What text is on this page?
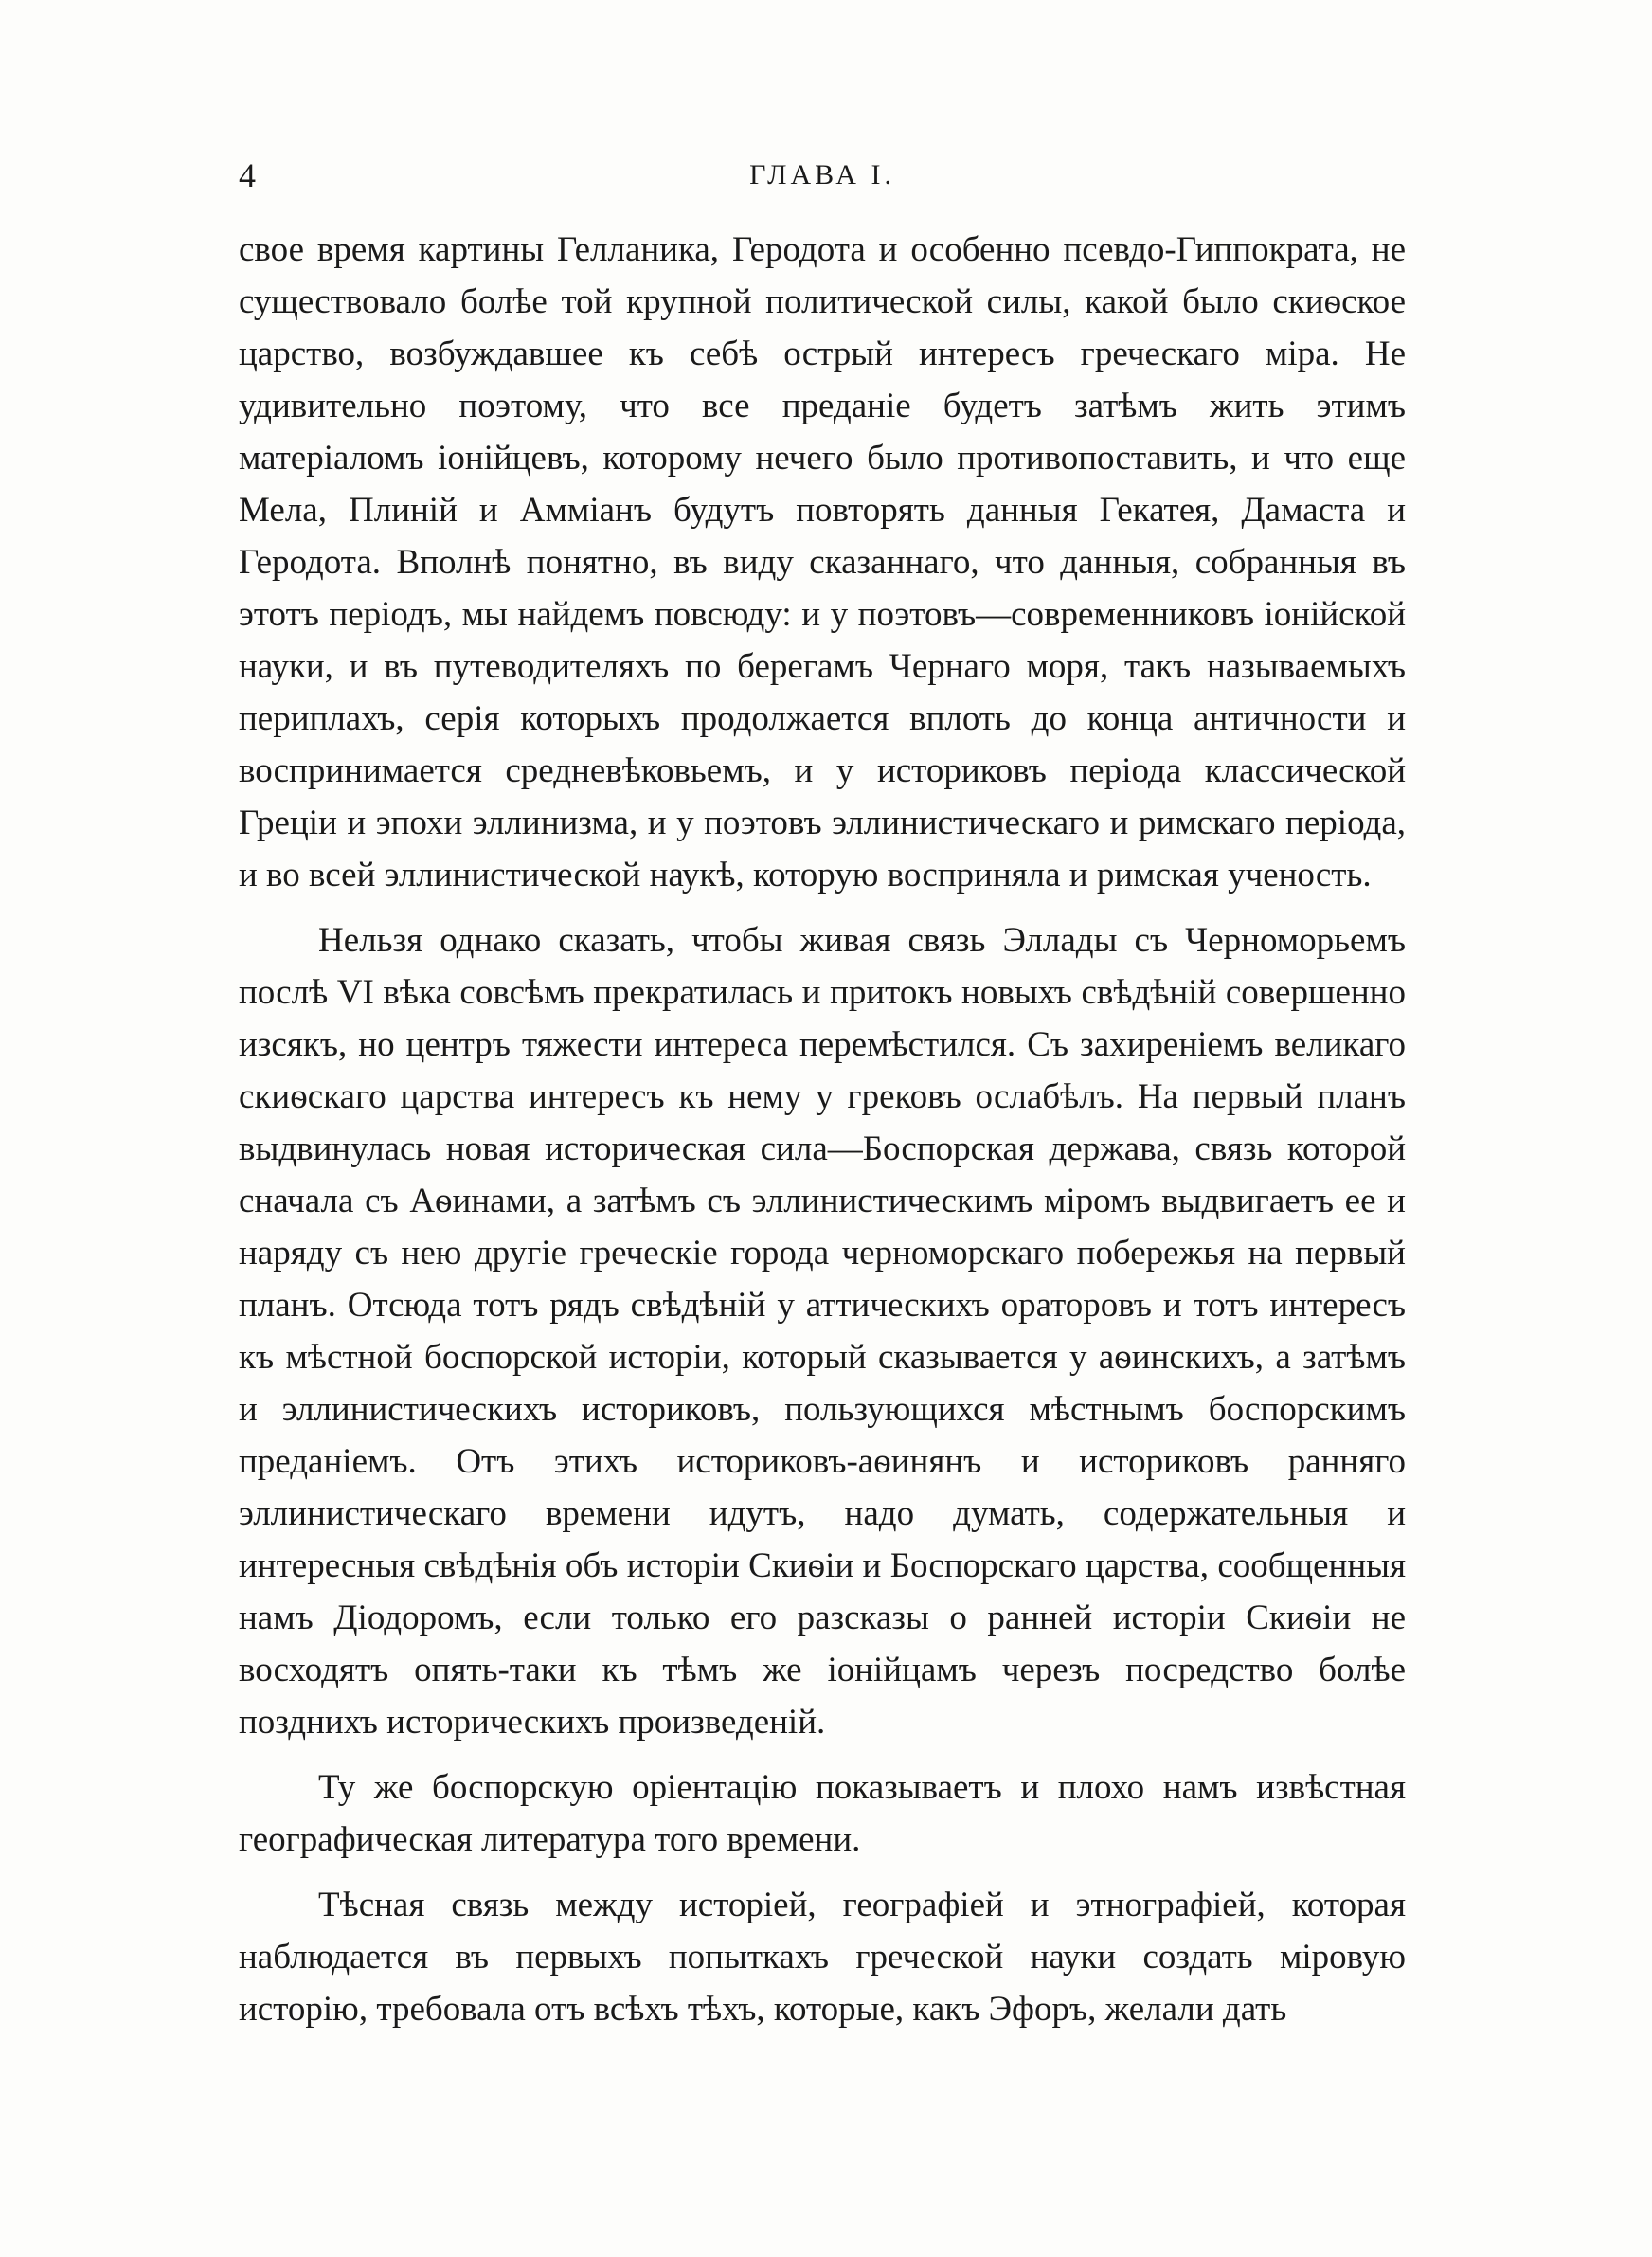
4	ГЛАВА I.

свое время картины Гелланика, Геродота и особенно псевдо-Гиппократа, не существовало болѣе той крупной политической силы, какой было скиѳское царство, возбуждавшее къ себѣ острый интересъ греческаго міра. Не удивительно поэтому, что все преданіе будетъ затѣмъ жить этимъ матеріаломъ іонійцевъ, которому нечего было противопоставить, и что еще Мела, Плиній и Аммiанъ будутъ повторять данныя Гекатея, Дамаста и Геродота. Вполнѣ понятно, въ виду сказаннаго, что данныя, собранныя въ этотъ періодъ, мы найдемъ повсюду: и у поэтовъ—современниковъ іонійской науки, и въ путеводителяхъ по берегамъ Чернаго моря, такъ называемыхъ периплахъ, серія которыхъ продолжается вплоть до конца античности и воспринимается средневѣковьемъ, и у историковъ періода классической Греціи и эпохи эллинизма, и у поэтовъ эллинистическаго и римскаго періода, и во всей эллинистической наукѣ, которую восприняла и римская ученость.

Нельзя однако сказать, чтобы живая связь Эллады съ Черноморьемъ послѣ VI вѣка совсѣмъ прекратилась и притокъ новыхъ свѣдѣній совершенно изсякъ, но центръ тяжести интереса перемѣстился. Съ захиреніемъ великаго скиѳскаго царства интересъ къ нему у грековъ ослабѣлъ. На первый планъ выдвинулась новая историческая сила—Боспорская держава, связь которой сначала съ Аѳинами, а затѣмъ съ эллинистическимъ міромъ выдвигаетъ ее и наряду съ нею другіе греческіе города черноморскаго побережья на первый планъ. Отсюда тотъ рядъ свѣдѣній у аттическихъ ораторовъ и тотъ интересъ къ мѣстной боспорской исторіи, который сказывается у аѳинскихъ, а затѣмъ и эллинистическихъ историковъ, пользующихся мѣстнымъ боспорскимъ преданіемъ. Отъ этихъ историковъ-аѳинянъ и историковъ ранняго эллинистическаго времени идутъ, надо думать, содержательныя и интересныя свѣдѣнія объ исторіи Скиѳіи и Боспорскаго царства, сообщенныя намъ Діодоромъ, если только его разсказы о ранней исторіи Скиѳіи не восходятъ опять-таки къ тѣмъ же іонійцамъ черезъ посредство болѣе позднихъ историческихъ произведеній.

Ту же боспорскую оріентацію показываетъ и плохо намъ извѣстная географическая литература того времени.

Тѣсная связь между исторіей, географіей и этнографіей, которая наблюдается въ первыхъ попыткахъ греческой науки создать міровую исторію, требовала отъ всѣхъ тѣхъ, которые, какъ Эфоръ, желали дать
